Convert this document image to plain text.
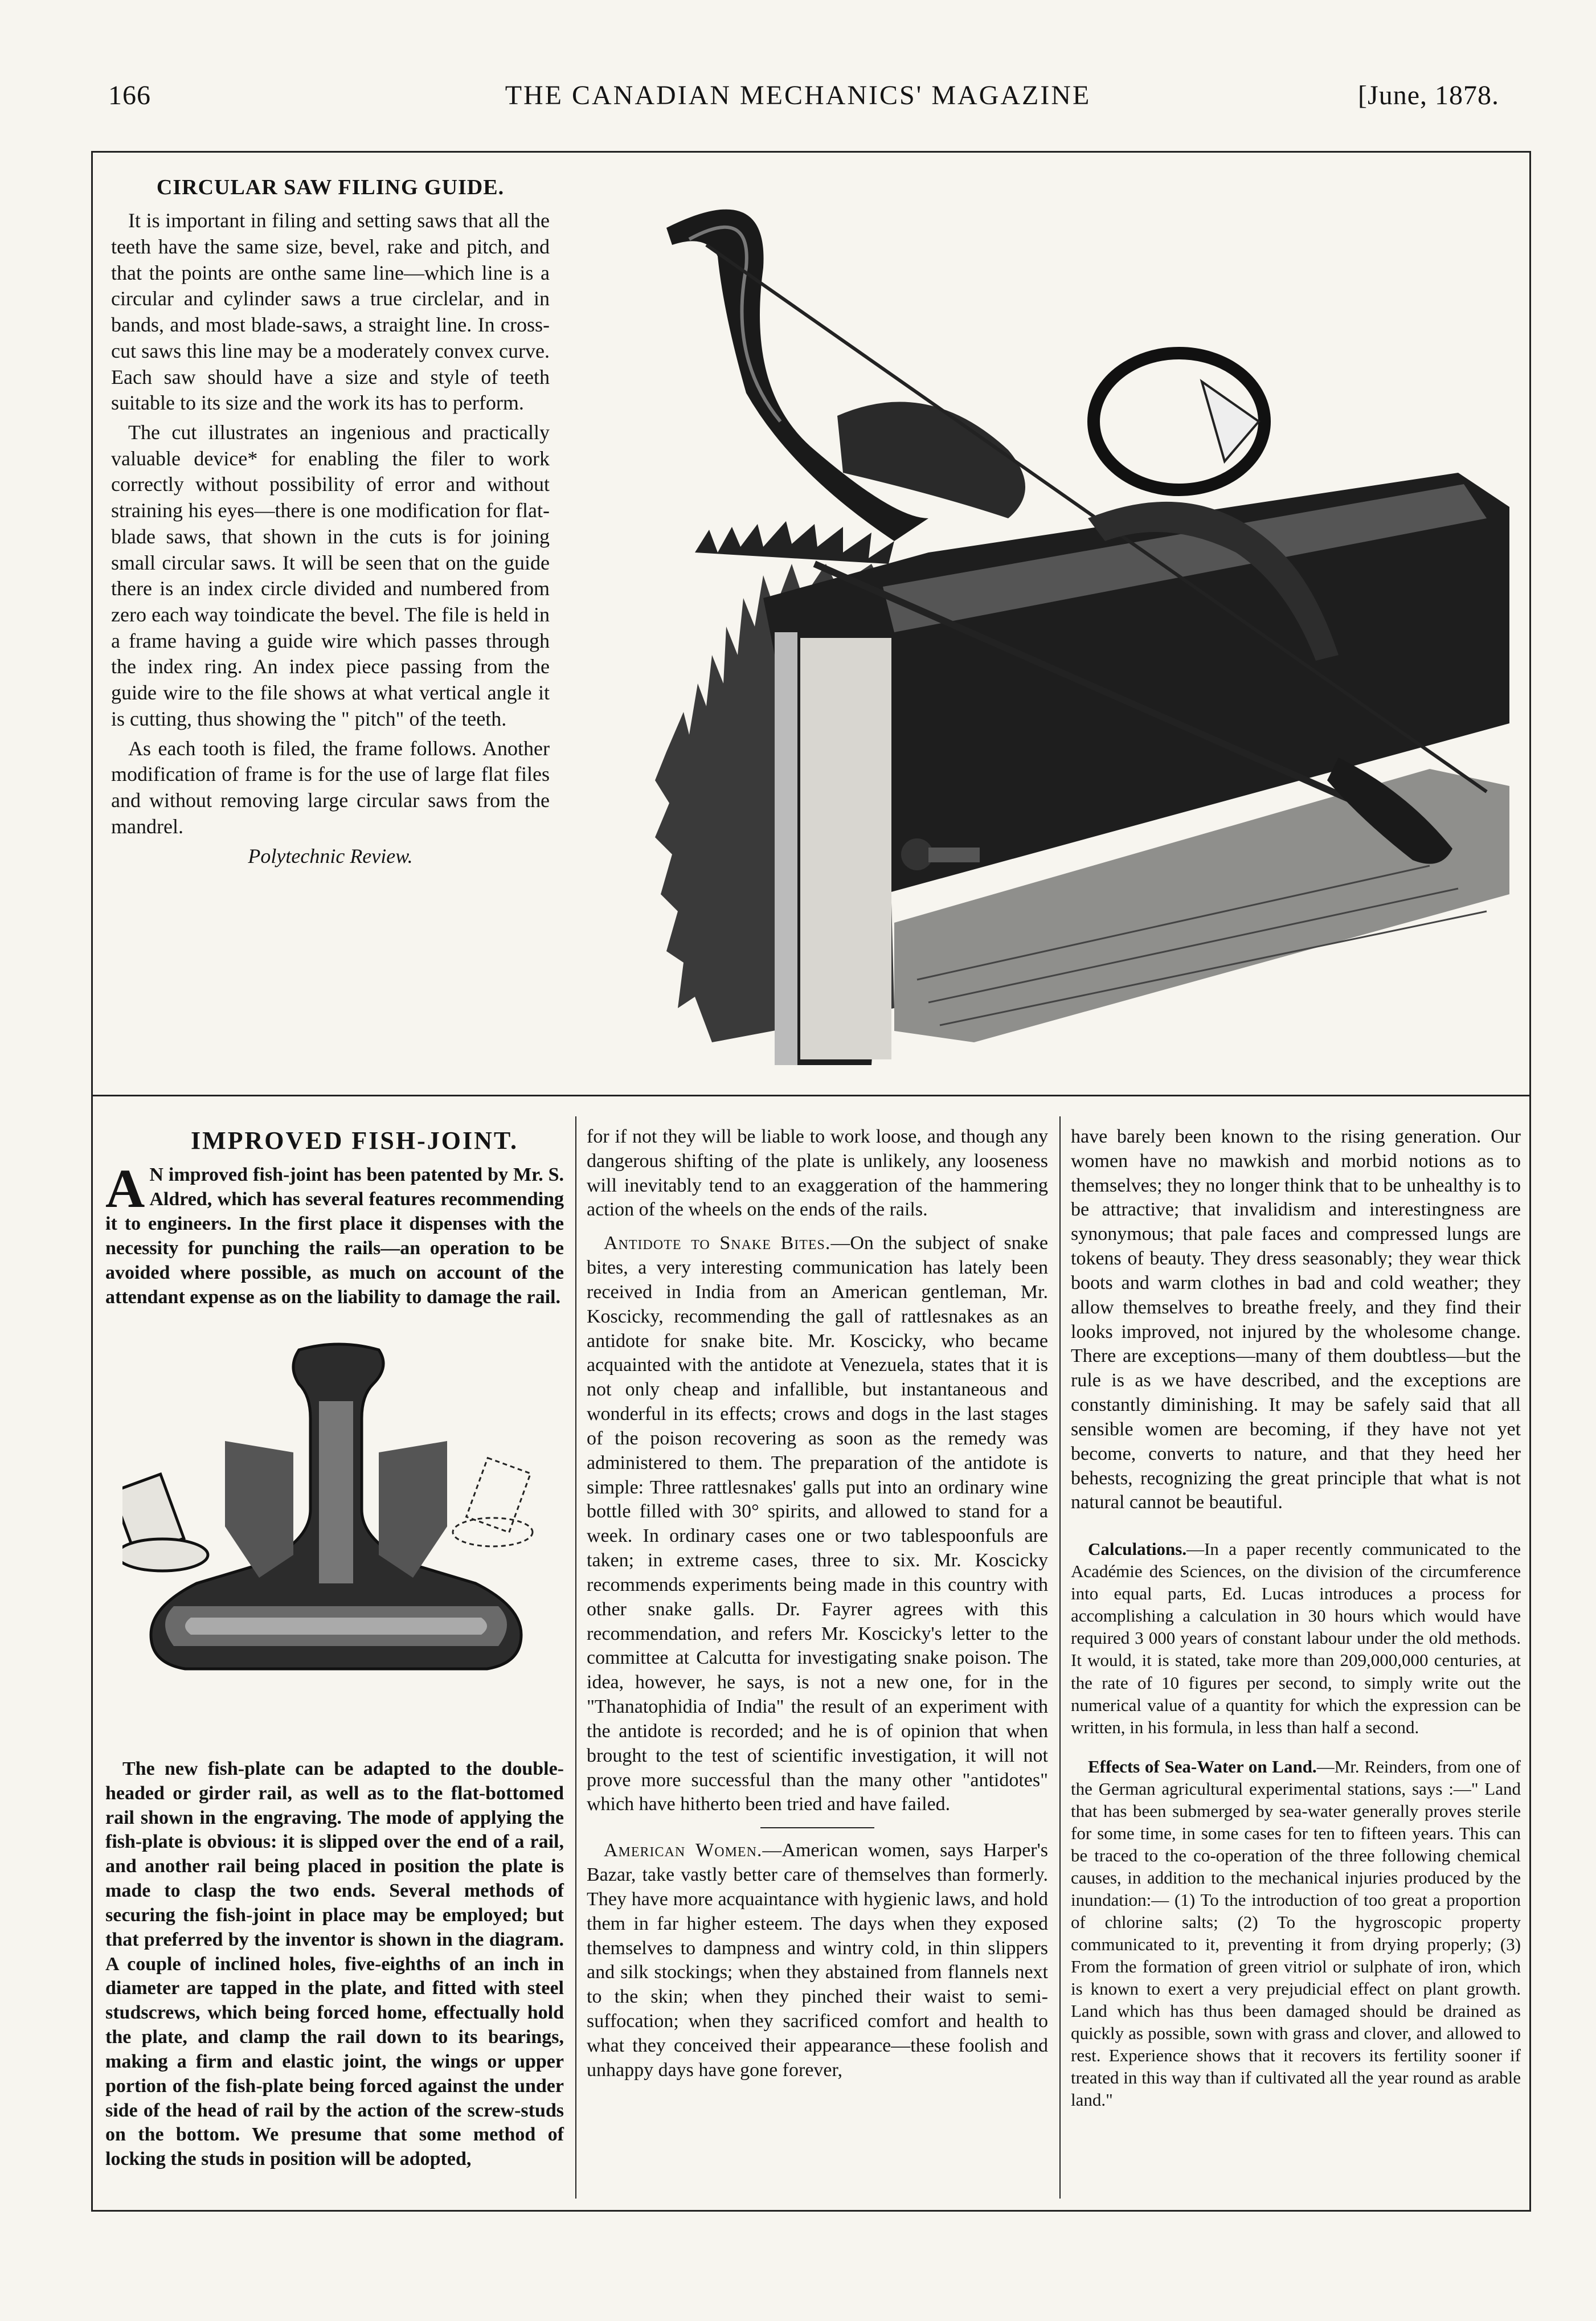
166	THE CANADIAN MECHANICS' MAGAZINE	[June, 1878.
CIRCULAR SAW FILING GUIDE.

It is important in filing and setting saws that all the teeth have the same size, bevel, rake and pitch, and that the points are onthe same line—which line is a circular and cylinder saws a true circlelar, and in bands, and most blade-saws, a straight line. In cross-cut saws this line may be a moderately convex curve. Each saw should have a size and style of teeth suitable to its size and the work its has to perform.

The cut illustrates an ingenious and practically valuable device* for enabling the filer to work correctly without possibility of error and without straining his eyes—there is one modification for flat-blade saws, that shown in the cuts is for joining small circular saws. It will be seen that on the guide there is an index circle divided and numbered from zero each way toindicate the bevel. The file is held in a frame having a guide wire which passes through the index ring. An index piece passing from the guide wire to the file shows at what vertical angle it is cutting, thus showing the " pitch" of the teeth.

As each tooth is filed, the frame follows. Another modification of frame is for the use of large flat files and without removing large circular saws from the mandrel.

Polytechnic Review.
IMPROVED FISH-JOINT.

A N improved fish-joint has been patented by Mr. S. Aldred, which has several features recommending it to engineers. In the first place it dispenses with the necessity for punching the rails—an operation to be avoided where possible, as much on account of the attendant expense as on the liability to damage the rail.

The new fish-plate can be adapted to the double-headed or girder rail, as well as to the flat-bottomed rail shown in the engraving. The mode of applying the fish-plate is obvious: it is slipped over the end of a rail, and another rail being placed in position the plate is made to clasp the two ends. Several methods of securing the fish-joint in place may be employed; but that preferred by the inventor is shown in the diagram. A couple of inclined holes, five-eighths of an inch in diameter are tapped in the plate, and fitted with steel studscrews, which being forced home, effectually hold the plate, and clamp the rail down to its bearings, making a firm and elastic joint, the wings or upper portion of the fish-plate being forced against the under side of the head of rail by the action of the screw-studs on the bottom. We presume that some method of locking the studs in position will be adopted,

for if not they will be liable to work loose, and though any dangerous shifting of the plate is unlikely, any looseness will inevitably tend to an exaggeration of the hammering action of the wheels on the ends of the rails.

Antidote to Snake Bites.—On the subject of snake bites, a very interesting communication has lately been received in India from an American gentleman, Mr. Koscicky, recommending the gall of rattlesnakes as an antidote for snake bite. Mr. Koscicky, who became acquainted with the antidote at Venezuela, states that it is not only cheap and infallible, but instantaneous and wonderful in its effects; crows and dogs in the last stages of the poison recovering as soon as the remedy was administered to them. The preparation of the antidote is simple: Three rattlesnakes' galls put into an ordinary wine bottle filled with 30° spirits, and allowed to stand for a week. In ordinary cases one or two tablespoonfuls are taken; in extreme cases, three to six. Mr. Koscicky recommends experiments being made in this country with other snake galls. Dr. Fayrer agrees with this recommendation, and refers Mr. Koscicky's letter to the committee at Calcutta for investigating snake poison. The idea, however, he says, is not a new one, for in the "Thanatophidia of India" the result of an experiment with the antidote is recorded; and he is of opinion that when brought to the test of scientific investigation, it will not prove more successful than the many other "antidotes" which have hitherto been tried and have failed.

American Women.—American women, says Harper's Bazar, take vastly better care of themselves than formerly. They have more acquaintance with hygienic laws, and hold them in far higher esteem. The days when they exposed themselves to dampness and wintry cold, in thin slippers and silk stockings; when they abstained from flannels next to the skin; when they pinched their waist to semi-suffocation; when they sacrificed comfort and health to what they conceived their appearance—these foolish and unhappy days have gone forever,

have barely been known to the rising generation. Our women have no mawkish and morbid notions as to themselves; they no longer think that to be unhealthy is to be attractive; that invalidism and interestingness are synonymous; that pale faces and compressed lungs are tokens of beauty. They dress seasonably; they wear thick boots and warm clothes in bad and cold weather; they allow themselves to breathe freely, and they find their looks improved, not injured by the wholesome change. There are exceptions—many of them doubtless—but the rule is as we have described, and the exceptions are constantly diminishing. It may be safely said that all sensible women are becoming, if they have not yet become, converts to nature, and that they heed her behests, recognizing the great principle that what is not natural cannot be beautiful.

Calculations.—In a paper recently communicated to the Académie des Sciences, on the division of the circumference into equal parts, Ed. Lucas introduces a process for accomplishing a calculation in 30 hours which would have required 3 000 years of constant labour under the old methods. It would, it is stated, take more than 209,000,000 centuries, at the rate of 10 figures per second, to simply write out the numerical value of a quantity for which the expression can be written, in his formula, in less than half a second.

Effects of Sea-Water on Land.—Mr. Reinders, from one of the German agricultural experimental stations, says :—" Land that has been submerged by sea-water generally proves sterile for some time, in some cases for ten to fifteen years. This can be traced to the co-operation of the three following chemical causes, in addition to the mechanical injuries produced by the inundation:— (1) To the introduction of too great a proportion of chlorine salts; (2) To the hygroscopic property communicated to it, preventing it from drying properly; (3) From the formation of green vitriol or sulphate of iron, which is known to exert a very prejudicial effect on plant growth. Land which has thus been damaged should be drained as quickly as possible, sown with grass and clover, and allowed to rest. Experience shows that it recovers its fertility sooner if treated in this way than if cultivated all the year round as arable land."
